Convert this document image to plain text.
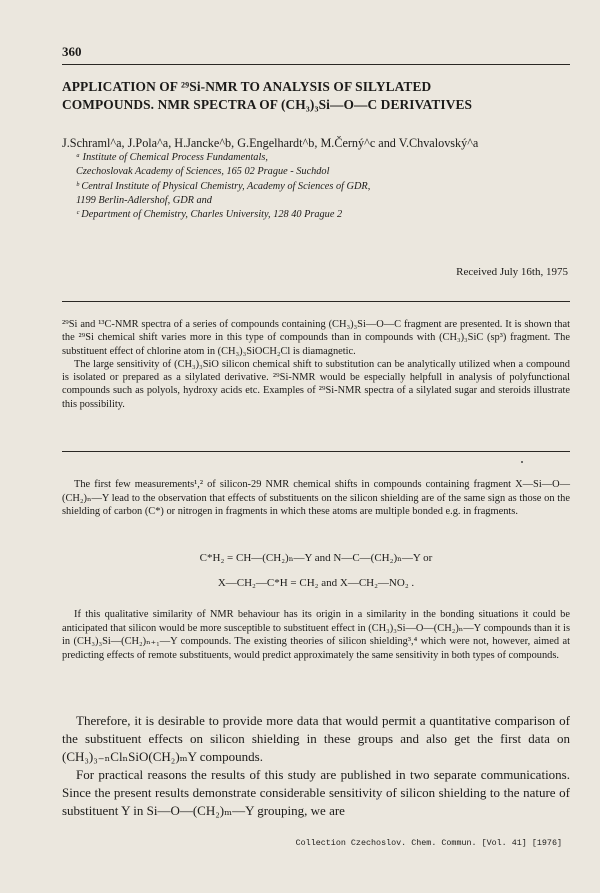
360
APPLICATION OF ²⁹Si-NMR TO ANALYSIS OF SILYLATED
COMPOUNDS. NMR SPECTRA OF (CH₃)₃Si—O—C DERIVATIVES
J.Schraml^a, J.Pola^a, H.Jancke^b, G.Engelhardt^b, M.Černý^c and V.Chvalovský^a
ᵃ Institute of Chemical Process Fundamentals,
Czechoslovak Academy of Sciences, 165 02 Prague - Suchdol
ᵇ Central Institute of Physical Chemistry, Academy of Sciences of GDR,
1199 Berlin-Adlershof, GDR and
ᶜ Department of Chemistry, Charles University, 128 40 Prague 2
Received July 16th, 1975

²⁹Si and ¹³C-NMR spectra of a series of compounds containing (CH₃)₃Si—O—C fragment are presented. It is shown that the ²⁹Si chemical shift varies more in this type of compounds than in compounds with (CH₃)₃SiC (sp³) fragment. The substituent effect of chlorine atom in (CH₃)₃SiOCH₂Cl is diamagnetic.

The large sensitivity of (CH₃)₃SiO silicon chemical shift to substitution can be analytically utilized when a compound is isolated or prepared as a silylated derivative. ²⁹Si-NMR would be especially helpfull in analysis of polyfunctional compounds such as polyols, hydroxy acids etc. Examples of ²⁹Si-NMR spectra of a silylated sugar and steroids illustrate this possibility.

The first few measurements¹,² of silicon-29 NMR chemical shifts in compounds containing fragment X—Si—O—(CH₂)ₙ—Y lead to the observation that effects of substituents on the silicon shielding are of the same sign as those on the shielding of carbon (C*) or nitrogen in fragments in which these atoms are multiple bonded e.g. in fragments.

C*H₂ = CH—(CH₂)ₙ—Y and N—C—(CH₂)ₙ—Y or
X—CH₂—C*H = CH₂ and X—CH₂—NO₂ .

If this qualitative similarity of NMR behaviour has its origin in a similarity in the bonding situations it could be anticipated that silicon would be more susceptible to substituent effect in (CH₃)₃Si—O—(CH₂)ₙ—Y compounds than it is in (CH₃)₃Si—(CH₂)ₙ₊₁—Y compounds. The existing theories of silicon shielding³,⁴ which were not, however, aimed at predicting effects of remote substituents, would predict approximately the same sensitivity in both types of compounds.

Therefore, it is desirable to provide more data that would permit a quantitative comparison of the substituent effects on silicon shielding in these groups and also get the first data on (CH₃)₃₋ₙClₙSiO(CH₂)ₘY compounds.

For practical reasons the results of this study are published in two separate communications. Since the present results demonstrate considerable sensitivity of silicon shielding to the nature of substituent Y in Si—O—(CH₂)ₘ—Y grouping, we are

Collection Czechoslov. Chem. Commun. [Vol. 41] [1976]
